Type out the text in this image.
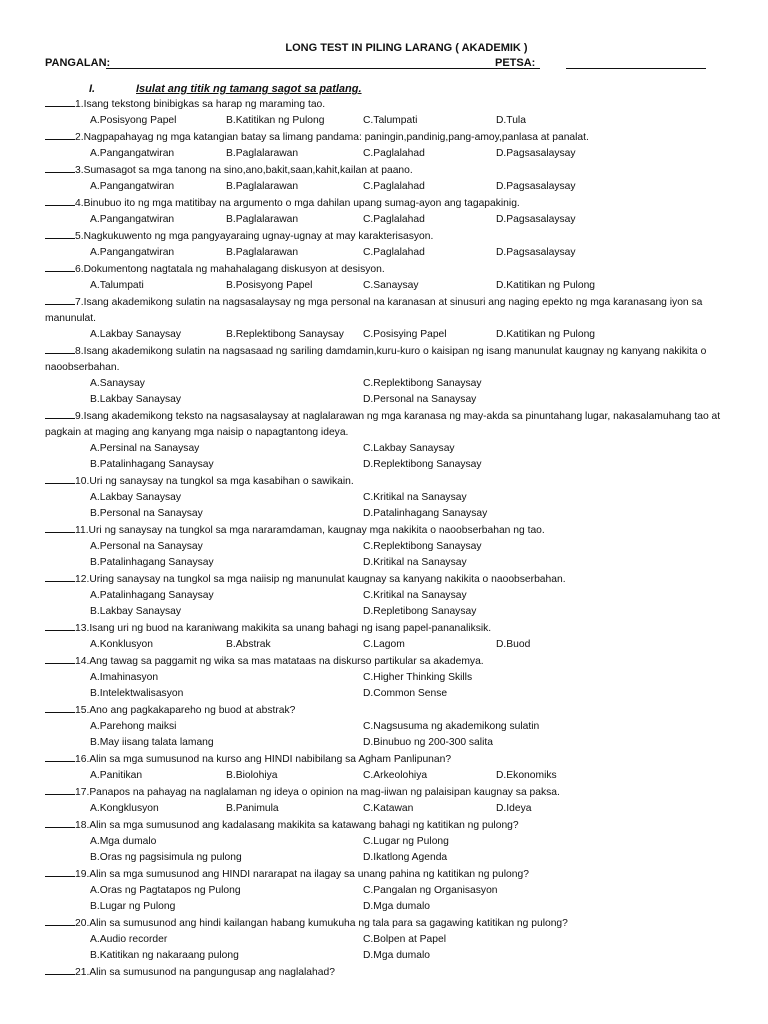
LONG TEST IN PILING LARANG ( AKADEMIK )
PANGALAN:	PETSA:
I.	Isulat ang titik ng tamang sagot sa patlang.
1.Isang tekstong binibigkas sa harap ng maraming tao.
A.Posisyong Papel	B.Katitikan ng Pulong	C.Talumpati	D.Tula
2.Nagpapahayag ng mga katangian batay sa limang pandama: paningin,pandinig,pang-amoy,panlasa at panalat.
A.Pangangatwiran	B.Paglalarawan	C.Paglalahad	D.Pagsasalaysay
3.Sumasagot sa mga tanong na sino,ano,bakit,saan,kahit,kailan at paano.
A.Pangangatwiran	B.Paglalarawan	C.Paglalahad	D.Pagsasalaysay
4.Binubuo ito ng mga matitibay na argumento o mga dahilan upang sumag-ayon ang tagapakinig.
A.Pangangatwiran	B.Paglalarawan	C.Paglalahad	D.Pagsasalaysay
5.Nagkukuwento ng mga pangyayaraing ugnay-ugnay at may karakterisasyon.
A.Pangangatwiran	B.Paglalarawan	C.Paglalahad	D.Pagsasalaysay
6.Dokumentong nagtatala ng mahahalagang diskusyon at desisyon.
A.Talumpati	B.Posisyong Papel	C.Sanaysay	D.Katitikan ng Pulong
7.Isang akademikong sulatin na nagsasalaysay ng mga personal na karanasan at sinusuri ang naging epekto ng mga karanasang iyon sa manunulat.
A.Lakbay Sanaysay	B.Replektibong Sanaysay C.Posisying Papel	D.Katitikan ng Pulong
8.Isang akademikong sulatin na nagsasaad ng sariling damdamin,kuru-kuro o kaisipan ng isang manunulat kaugnay ng kanyang nakikita o naoobserbahan.
A.Sanaysay	C.Replektibong Sanaysay
B.Lakbay Sanaysay	D.Personal na Sanaysay
9.Isang akademikong teksto na nagsasalaysay at naglalarawan ng mga karanasa ng may-akda sa pinuntahang lugar, nakasalamuhang tao at pagkain at maging ang kanyang mga naisip o napagtantong ideya.
A.Persinal na Sanaysay	C.Lakbay Sanaysay
B.Patalinhagang Sanaysay	D.Replektibong Sanaysay
10.Uri ng sanaysay na tungkol sa mga kasabihan o sawikain.
A.Lakbay Sanaysay	C.Kritikal na Sanaysay
B.Personal na Sanaysay	D.Patalinhagang Sanaysay
11.Uri ng sanaysay na tungkol sa mga nararamdaman, kaugnay mga nakikita o naoobserbahan ng tao.
A.Personal na Sanaysay	C.Replektibong Sanaysay
B.Patalinhagang Sanaysay	D.Kritikal na Sanaysay
12.Uring sanaysay na tungkol sa mga naiisip ng manunulat kaugnay sa kanyang nakikita o naoobserbahan.
A.Patalinhagang Sanaysay	C.Kritikal na Sanaysay
B.Lakbay Sanaysay	D.Repletibong Sanaysay
13.Isang uri ng buod na karaniwang makikita sa unang bahagi ng isang papel-pananaliksik.
A.Konklusyon	B.Abstrak	C.Lagom	D.Buod
14.Ang tawag sa paggamit ng wika sa mas matataas na diskurso partikular sa akademya.
A.Imahinasyon	C.Higher Thinking Skills
B.Intelektwalisasyon	D.Common Sense
15.Ano ang pagkakapareho ng buod at abstrak?
A.Parehong maiksi	C.Nagsusuma ng akademikong sulatin
B.May iisang talata lamang	D.Binubuo ng 200-300 salita
16.Alin sa mga sumusunod na kurso ang HINDI nabibilang sa Agham Panlipunan?
A.Panitikan	B.Biolohiya	C.Arkeolohiya	D.Ekonomiks
17.Panapos na pahayag na naglalaman ng ideya o opinion na mag-iiwan ng palaisipan kaugnay sa paksa.
A.Kongklusyon	B.Panimula	C.Katawan	D.Ideya
18.Alin sa mga sumusunod ang kadalasang makikita sa katawang bahagi ng katitikan ng pulong?
A.Mga dumalo	C.Lugar ng Pulong
B.Oras ng pagsisimula ng pulong	D.Ikatlong Agenda
19.Alin sa mga sumusunod ang HINDI nararapat na ilagay sa unang pahina ng katitikan ng pulong?
A.Oras ng Pagtatapos ng Pulong	C.Pangalan ng Organisasyon
B.Lugar ng Pulong	D.Mga dumalo
20.Alin sa sumusunod ang hindi kailangan habang kumukuha ng tala para sa gagawing katitikan ng pulong?
A.Audio recorder	C.Bolpen at Papel
B.Katitikan ng nakaraang pulong	D.Mga dumalo
21.Alin sa sumusunod na pangungusap ang naglalahad?
